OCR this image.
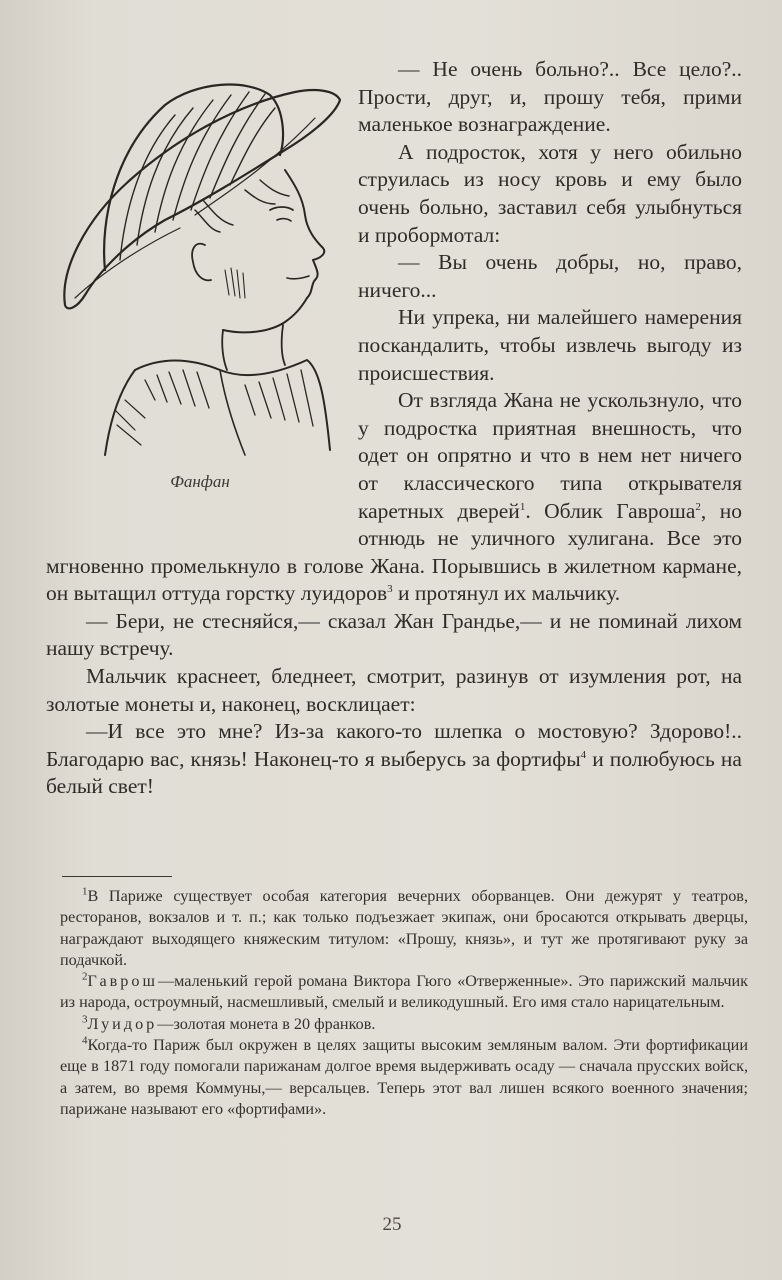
Фанфан

— Не очень больно?.. Все цело?.. Прости, друг, и, прошу тебя, прими маленькое вознаграждение.

А подросток, хотя у него обильно струилась из носу кровь и ему было очень больно, заставил себя улыбнуться и пробормотал:

— Вы очень добры, но, право, ничего...

Ни упрека, ни малейшего намерения поскандалить, чтобы извлечь выгоду из происшествия.

От взгляда Жана не ускользнуло, что у подростка приятная внешность, что одет он опрятно и что в нем нет ничего от классического типа открывателя каретных дверей$^1$. Облик Гавроша$^2$, но отнюдь не уличного хулигана. Все это мгновенно промелькнуло в голове Жана. Порывшись в жилетном кармане, он вытащил оттуда горстку луидоров$^3$ и протянул их мальчику.

— Бери, не стесняйся,— сказал Жан Грандье,— и не поминай лихом нашу встречу.

Мальчик краснеет, бледнеет, смотрит, разинув от изумления рот, на золотые монеты и, наконец, восклицает:

—И все это мне? Из-за какого-то шлепка о мостовую? Здорово!.. Благодарю вас, князь! Наконец-то я выберусь за фортифы$^4$ и полюбуюсь на белый свет!

$^1$В Париже существует особая категория вечерних оборванцев. Они дежурят у театров, ресторанов, вокзалов и т. п.; как только подъезжает экипаж, они бросаются открывать дверцы, награждают выходящего княжеским титулом: «Прошу, князь», и тут же протягивают руку за подачкой.

$^2$Гаврош—маленький герой романа Виктора Гюго «Отверженные». Это парижский мальчик из народа, остроумный, насмешливый, смелый и великодушный. Его имя стало нарицательным.

$^3$Луидор—золотая монета в 20 франков.

$^4$Когда-то Париж был окружен в целях защиты высоким земляным валом. Эти фортификации еще в 1871 году помогали парижанам долгое время выдерживать осаду — сначала прусских войск, а затем, во время Коммуны,— версальцев. Теперь этот вал лишен всякого военного значения; парижане называют его «фортифами».

25
